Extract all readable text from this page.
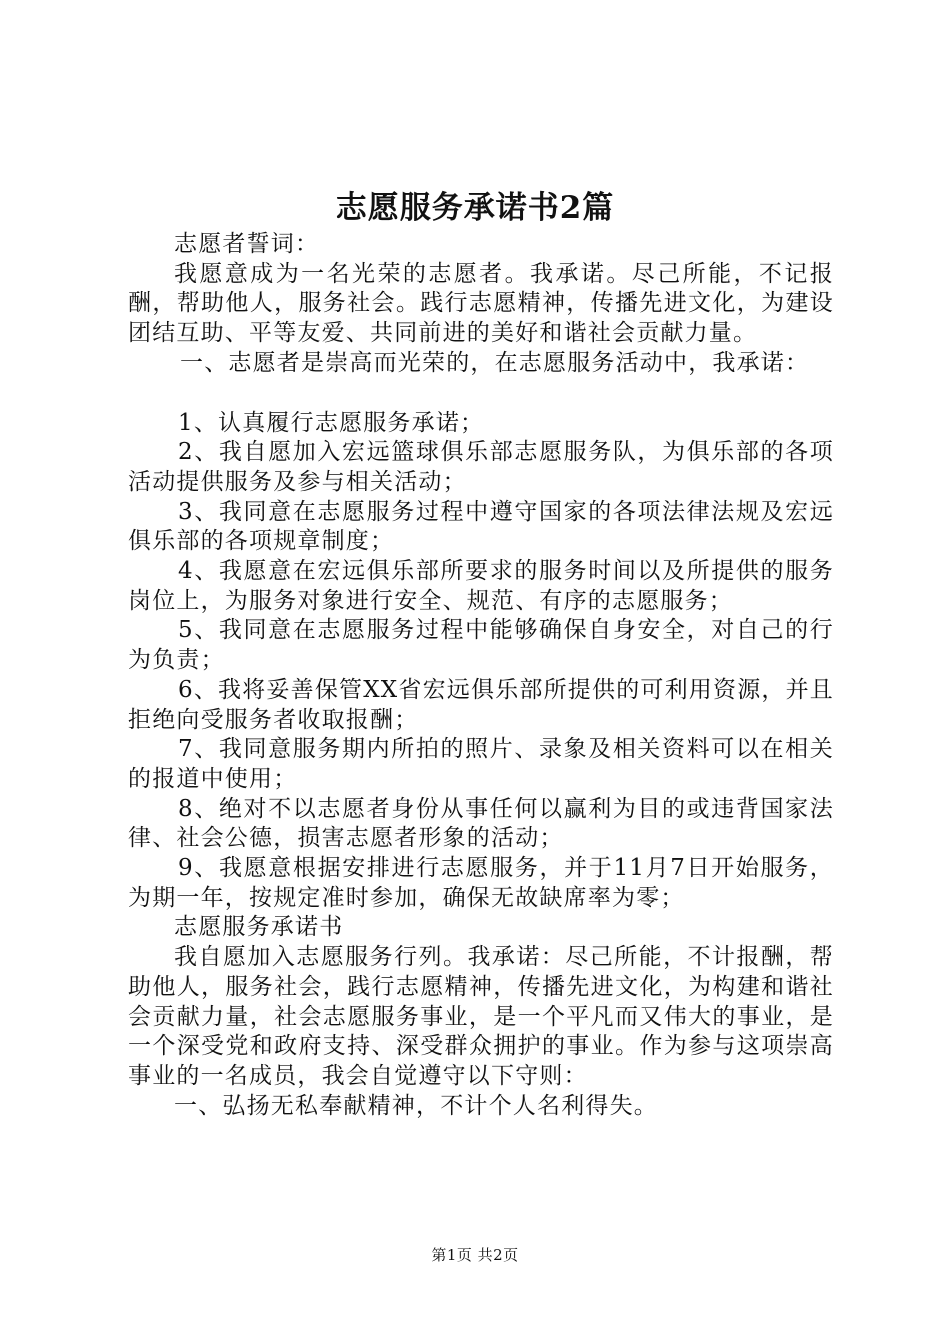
志愿服务承诺书2篇

志愿者誓词：

我愿意成为一名光荣的志愿者。我承诺。尽己所能，不记报酬，帮助他人，服务社会。践行志愿精神，传播先进文化，为建设团结互助、平等友爱、共同前进的美好和谐社会贡献力量。

一、志愿者是崇高而光荣的，在志愿服务活动中，我承诺：

1、认真履行志愿服务承诺；

2、我自愿加入宏远篮球俱乐部志愿服务队，为俱乐部的各项活动提供服务及参与相关活动；

3、我同意在志愿服务过程中遵守国家的各项法律法规及宏远俱乐部的各项规章制度；

4、我愿意在宏远俱乐部所要求的服务时间以及所提供的服务岗位上，为服务对象进行安全、规范、有序的志愿服务；

5、我同意在志愿服务过程中能够确保自身安全，对自己的行为负责；

6、我将妥善保管XX省宏远俱乐部所提供的可利用资源，并且拒绝向受服务者收取报酬；

7、我同意服务期内所拍的照片、录象及相关资料可以在相关的报道中使用；

8、绝对不以志愿者身份从事任何以赢利为目的或违背国家法律、社会公德，损害志愿者形象的活动；

9、我愿意根据安排进行志愿服务，并于11月7日开始服务，为期一年，按规定准时参加，确保无故缺席率为零；

志愿服务承诺书

我自愿加入志愿服务行列。我承诺：尽己所能，不计报酬，帮助他人，服务社会，践行志愿精神，传播先进文化，为构建和谐社会贡献力量，社会志愿服务事业，是一个平凡而又伟大的事业，是一个深受党和政府支持、深受群众拥护的事业。作为参与这项崇高事业的一名成员，我会自觉遵守以下守则：

一、弘扬无私奉献精神，不计个人名利得失。

第1页 共2页
